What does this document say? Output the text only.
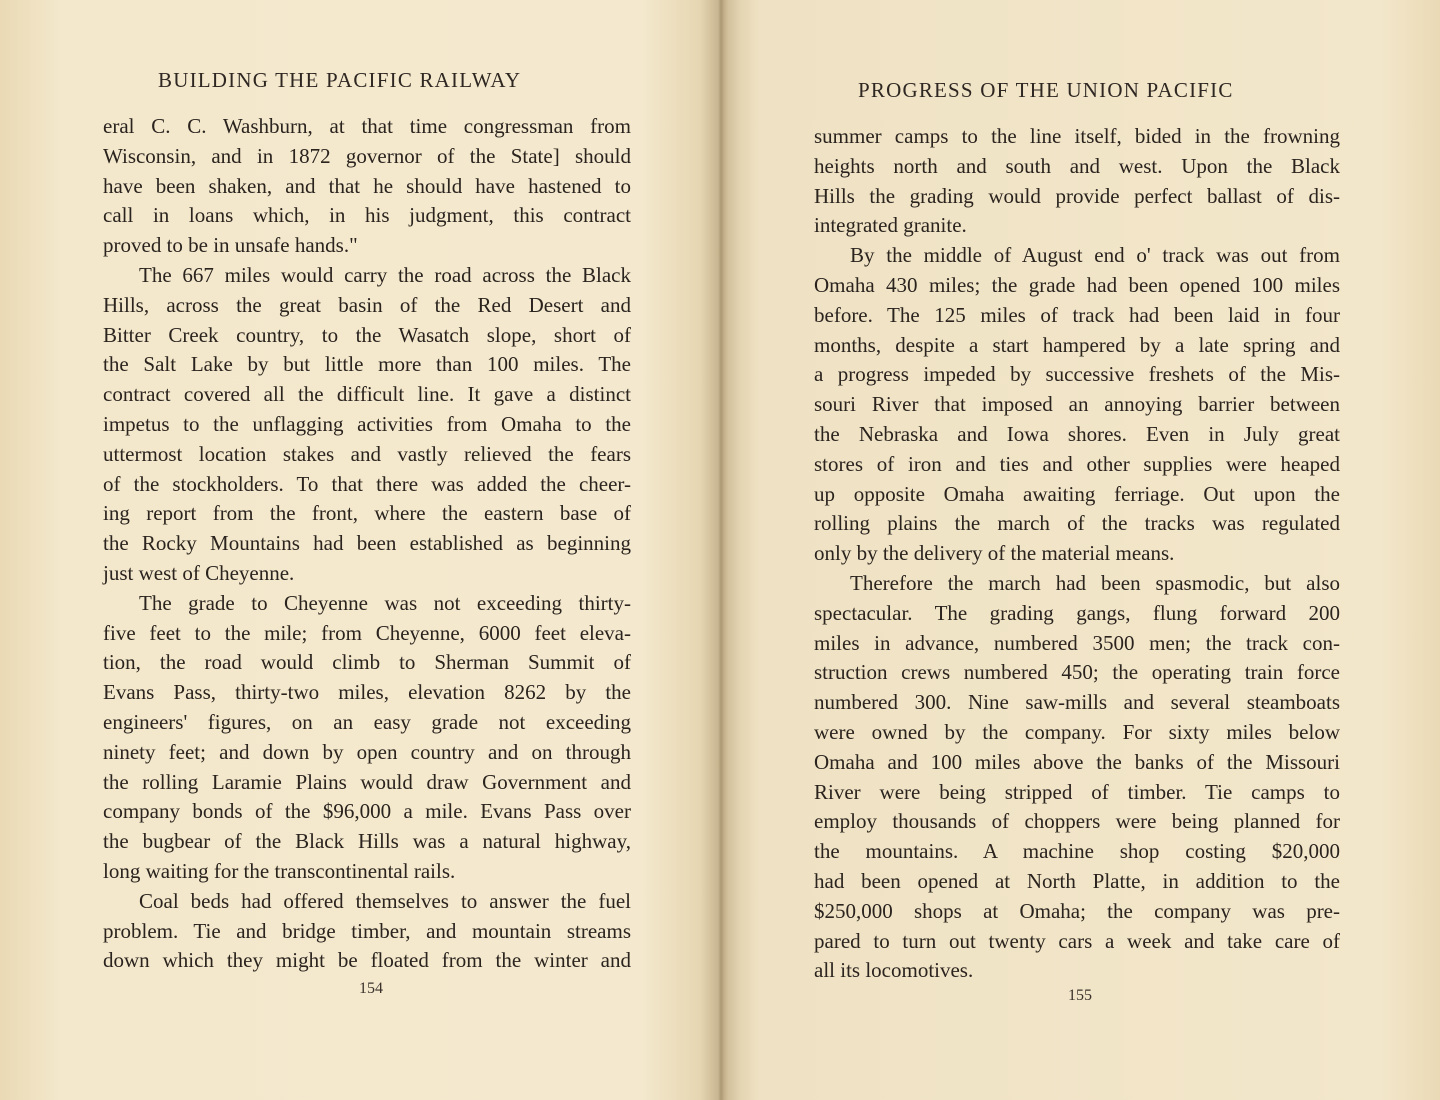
BUILDING THE PACIFIC RAILWAY
eral C. C. Washburn, at that time congressman from
Wisconsin, and in 1872 governor of the State] should
have been shaken, and that he should have hastened to
call in loans which, in his judgment, this contract
proved to be in unsafe hands."
The 667 miles would carry the road across the Black
Hills, across the great basin of the Red Desert and
Bitter Creek country, to the Wasatch slope, short of
the Salt Lake by but little more than 100 miles. The
contract covered all the difficult line. It gave a distinct
impetus to the unflagging activities from Omaha to the
uttermost location stakes and vastly relieved the fears
of the stockholders. To that there was added the cheer-
ing report from the front, where the eastern base of
the Rocky Mountains had been established as beginning
just west of Cheyenne.
The grade to Cheyenne was not exceeding thirty-
five feet to the mile; from Cheyenne, 6000 feet eleva-
tion, the road would climb to Sherman Summit of
Evans Pass, thirty-two miles, elevation 8262 by the
engineers' figures, on an easy grade not exceeding
ninety feet; and down by open country and on through
the rolling Laramie Plains would draw Government and
company bonds of the $96,000 a mile. Evans Pass over
the bugbear of the Black Hills was a natural highway,
long waiting for the transcontinental rails.
Coal beds had offered themselves to answer the fuel
problem. Tie and bridge timber, and mountain streams
down which they might be floated from the winter and
154
PROGRESS OF THE UNION PACIFIC
summer camps to the line itself, bided in the frowning
heights north and south and west. Upon the Black
Hills the grading would provide perfect ballast of dis-
integrated granite.
By the middle of August end o' track was out from
Omaha 430 miles; the grade had been opened 100 miles
before. The 125 miles of track had been laid in four
months, despite a start hampered by a late spring and
a progress impeded by successive freshets of the Mis-
souri River that imposed an annoying barrier between
the Nebraska and Iowa shores. Even in July great
stores of iron and ties and other supplies were heaped
up opposite Omaha awaiting ferriage. Out upon the
rolling plains the march of the tracks was regulated
only by the delivery of the material means.
Therefore the march had been spasmodic, but also
spectacular. The grading gangs, flung forward 200
miles in advance, numbered 3500 men; the track con-
struction crews numbered 450; the operating train force
numbered 300. Nine saw-mills and several steamboats
were owned by the company. For sixty miles below
Omaha and 100 miles above the banks of the Missouri
River were being stripped of timber. Tie camps to
employ thousands of choppers were being planned for
the mountains. A machine shop costing $20,000
had been opened at North Platte, in addition to the
$250,000 shops at Omaha; the company was pre-
pared to turn out twenty cars a week and take care of
all its locomotives.
155
